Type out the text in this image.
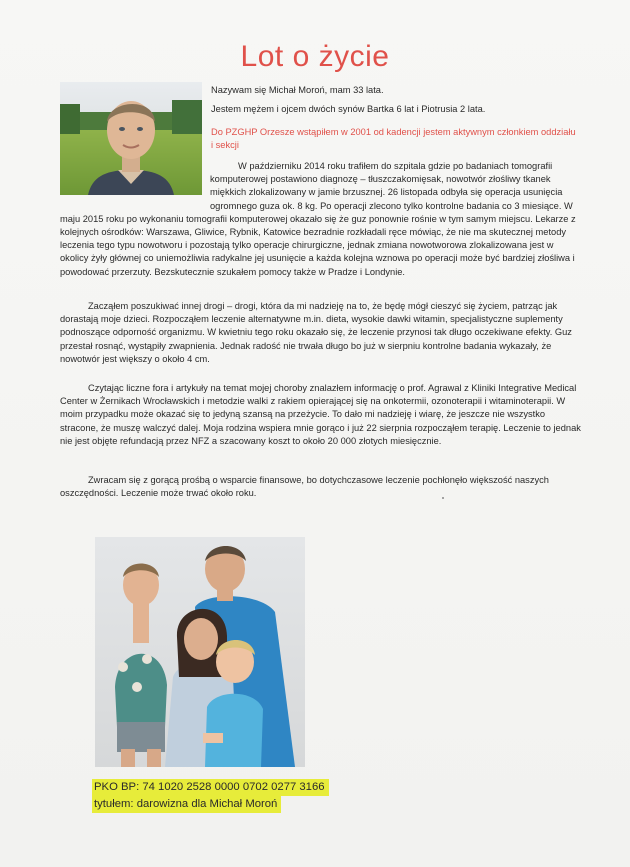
Lot o życie

Nazywam się Michał Moroń, mam 33 lata.

Jestem mężem i ojcem dwóch synów Bartka 6 lat i Piotrusia 2 lata.

Do PZGHP Orzesze wstąpiłem w 2001 od kadencji jestem aktywnym członkiem oddziału i sekcji

W październiku 2014 roku trafiłem do szpitala gdzie po badaniach tomografii komputerowej postawiono diagnozę – tłuszczakomięsak, nowotwór złośliwy tkanek miękkich zlokalizowany w jamie brzusznej. 26 listopada odbyła się operacja usunięcia ogromnego guza ok. 8 kg. Po operacji zlecono tylko kontrolne badania co 3 miesiące. W maju 2015 roku po wykonaniu tomografii komputerowej okazało się że guz ponownie rośnie w tym samym miejscu. Lekarze z kolejnych ośrodków: Warszawa, Gliwice, Rybnik, Katowice bezradnie rozkładali ręce mówiąc, że nie ma skutecznej metody leczenia tego typu nowotworu i pozostają tylko operacje chirurgiczne, jednak zmiana nowotworowa zlokalizowana jest w okolicy żyły głównej co uniemożliwia radykalne jej usunięcie a każda kolejna wznowa po operacji może być bardziej złośliwa i powodować przerzuty. Bezskutecznie szukałem pomocy także w Pradze i Londynie.

Zacząłem poszukiwać innej drogi – drogi, która da mi nadzieję na to, że będę mógł cieszyć się życiem, patrząc jak dorastają moje dzieci. Rozpocząłem leczenie alternatywne m.in. dieta, wysokie dawki witamin, specjalistyczne suplementy podnoszące odporność organizmu. W kwietniu tego roku okazało się, że leczenie przynosi tak długo oczekiwane efekty. Guz przestał rosnąć, wystąpiły zwapnienia. Jednak radość nie trwała długo bo już w sierpniu kontrolne badania wykazały, że nowotwór jest większy o około 4 cm.

Czytając liczne fora i artykuły na temat mojej choroby znalazłem informację o prof. Agrawal z Kliniki Integrative Medical Center w Żernikach Wrocławskich i metodzie walki z rakiem opierającej się na onkotermii, ozonoterapii i witaminoterapii. W moim przypadku może okazać się to jedyną szansą na przeżycie. To dało mi nadzieję i wiarę, że jeszcze nie wszystko stracone, że muszę walczyć dalej. Moja rodzina wspiera mnie gorąco i już 22 sierpnia rozpocząłem terapię. Leczenie to jednak nie jest objęte refundacją przez NFZ a szacowany koszt to około 20 000 złotych miesięcznie.

Zwracam się z gorącą prośbą o wsparcie finansowe, bo dotychczasowe leczenie pochłonęło większość naszych oszczędności. Leczenie może trwać około roku.

PKO BP: 74 1020 2528 0000 0702 0277 3166
tytułem: darowizna dla Michał Moroń
